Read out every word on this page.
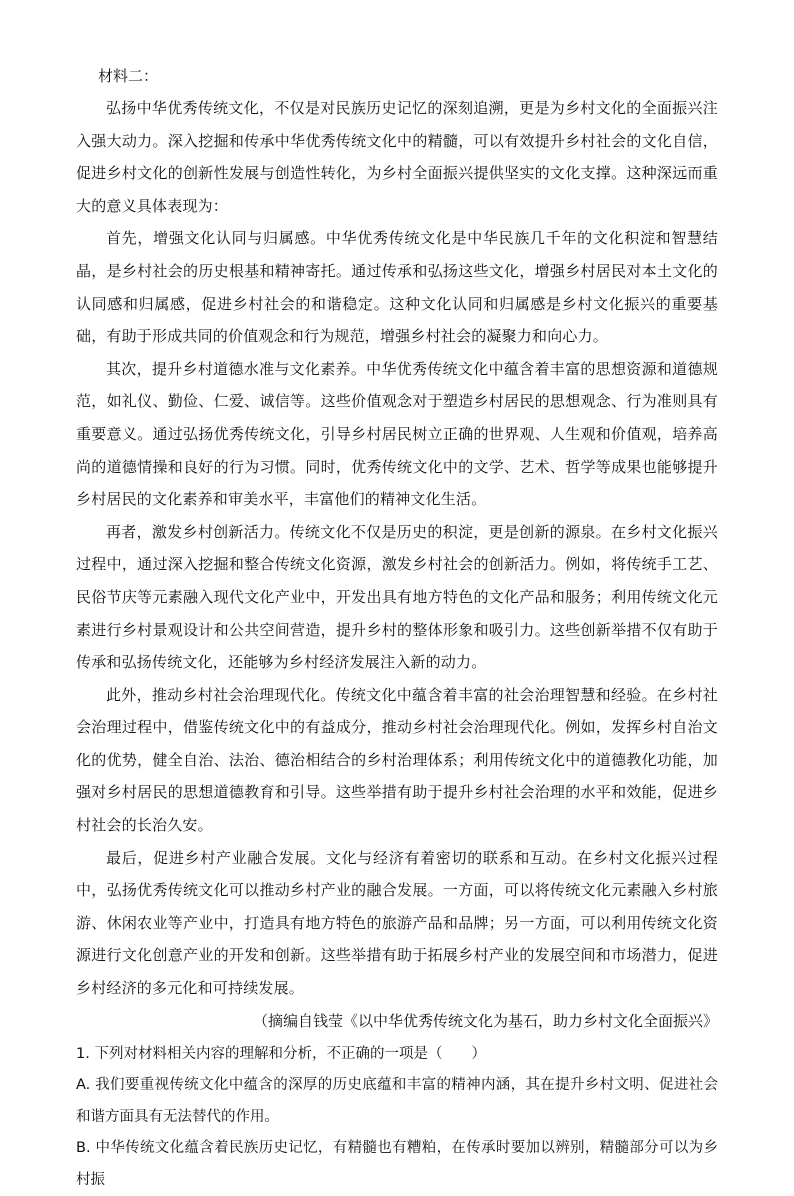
材料二：

弘扬中华优秀传统文化，不仅是对民族历史记忆的深刻追溯，更是为乡村文化的全面振兴注入强大动力。深入挖掘和传承中华优秀传统文化中的精髓，可以有效提升乡村社会的文化自信，促进乡村文化的创新性发展与创造性转化，为乡村全面振兴提供坚实的文化支撑。这种深远而重大的意义具体表现为：

首先，增强文化认同与归属感。中华优秀传统文化是中华民族几千年的文化积淀和智慧结晶，是乡村社会的历史根基和精神寄托。通过传承和弘扬这些文化，增强乡村居民对本土文化的认同感和归属感，促进乡村社会的和谐稳定。这种文化认同和归属感是乡村文化振兴的重要基础，有助于形成共同的价值观念和行为规范，增强乡村社会的凝聚力和向心力。

其次，提升乡村道德水准与文化素养。中华优秀传统文化中蕴含着丰富的思想资源和道德规范，如礼仪、勤俭、仁爱、诚信等。这些价值观念对于塑造乡村居民的思想观念、行为准则具有重要意义。通过弘扬优秀传统文化，引导乡村居民树立正确的世界观、人生观和价值观，培养高尚的道德情操和良好的行为习惯。同时，优秀传统文化中的文学、艺术、哲学等成果也能够提升乡村居民的文化素养和审美水平，丰富他们的精神文化生活。

再者，激发乡村创新活力。传统文化不仅是历史的积淀，更是创新的源泉。在乡村文化振兴过程中，通过深入挖掘和整合传统文化资源，激发乡村社会的创新活力。例如，将传统手工艺、民俗节庆等元素融入现代文化产业中，开发出具有地方特色的文化产品和服务；利用传统文化元素进行乡村景观设计和公共空间营造，提升乡村的整体形象和吸引力。这些创新举措不仅有助于传承和弘扬传统文化，还能够为乡村经济发展注入新的动力。

此外，推动乡村社会治理现代化。传统文化中蕴含着丰富的社会治理智慧和经验。在乡村社会治理过程中，借鉴传统文化中的有益成分，推动乡村社会治理现代化。例如，发挥乡村自治文化的优势，健全自治、法治、德治相结合的乡村治理体系；利用传统文化中的道德教化功能，加强对乡村居民的思想道德教育和引导。这些举措有助于提升乡村社会治理的水平和效能，促进乡村社会的长治久安。

最后，促进乡村产业融合发展。文化与经济有着密切的联系和互动。在乡村文化振兴过程中，弘扬优秀传统文化可以推动乡村产业的融合发展。一方面，可以将传统文化元素融入乡村旅游、休闲农业等产业中，打造具有地方特色的旅游产品和品牌；另一方面，可以利用传统文化资源进行文化创意产业的开发和创新。这些举措有助于拓展乡村产业的发展空间和市场潜力，促进乡村经济的多元化和可持续发展。

（摘编自钱莹《以中华优秀传统文化为基石，助力乡村文化全面振兴》

1. 下列对材料相关内容的理解和分析，不正确的一项是（　　）

A. 我们要重视传统文化中蕴含的深厚的历史底蕴和丰富的精神内涵，其在提升乡村文明、促进社会和谐方面具有无法替代的作用。

B. 中华传统文化蕴含着民族历史记忆，有精髓也有糟粕，在传承时要加以辨别，精髓部分可以为乡村振
